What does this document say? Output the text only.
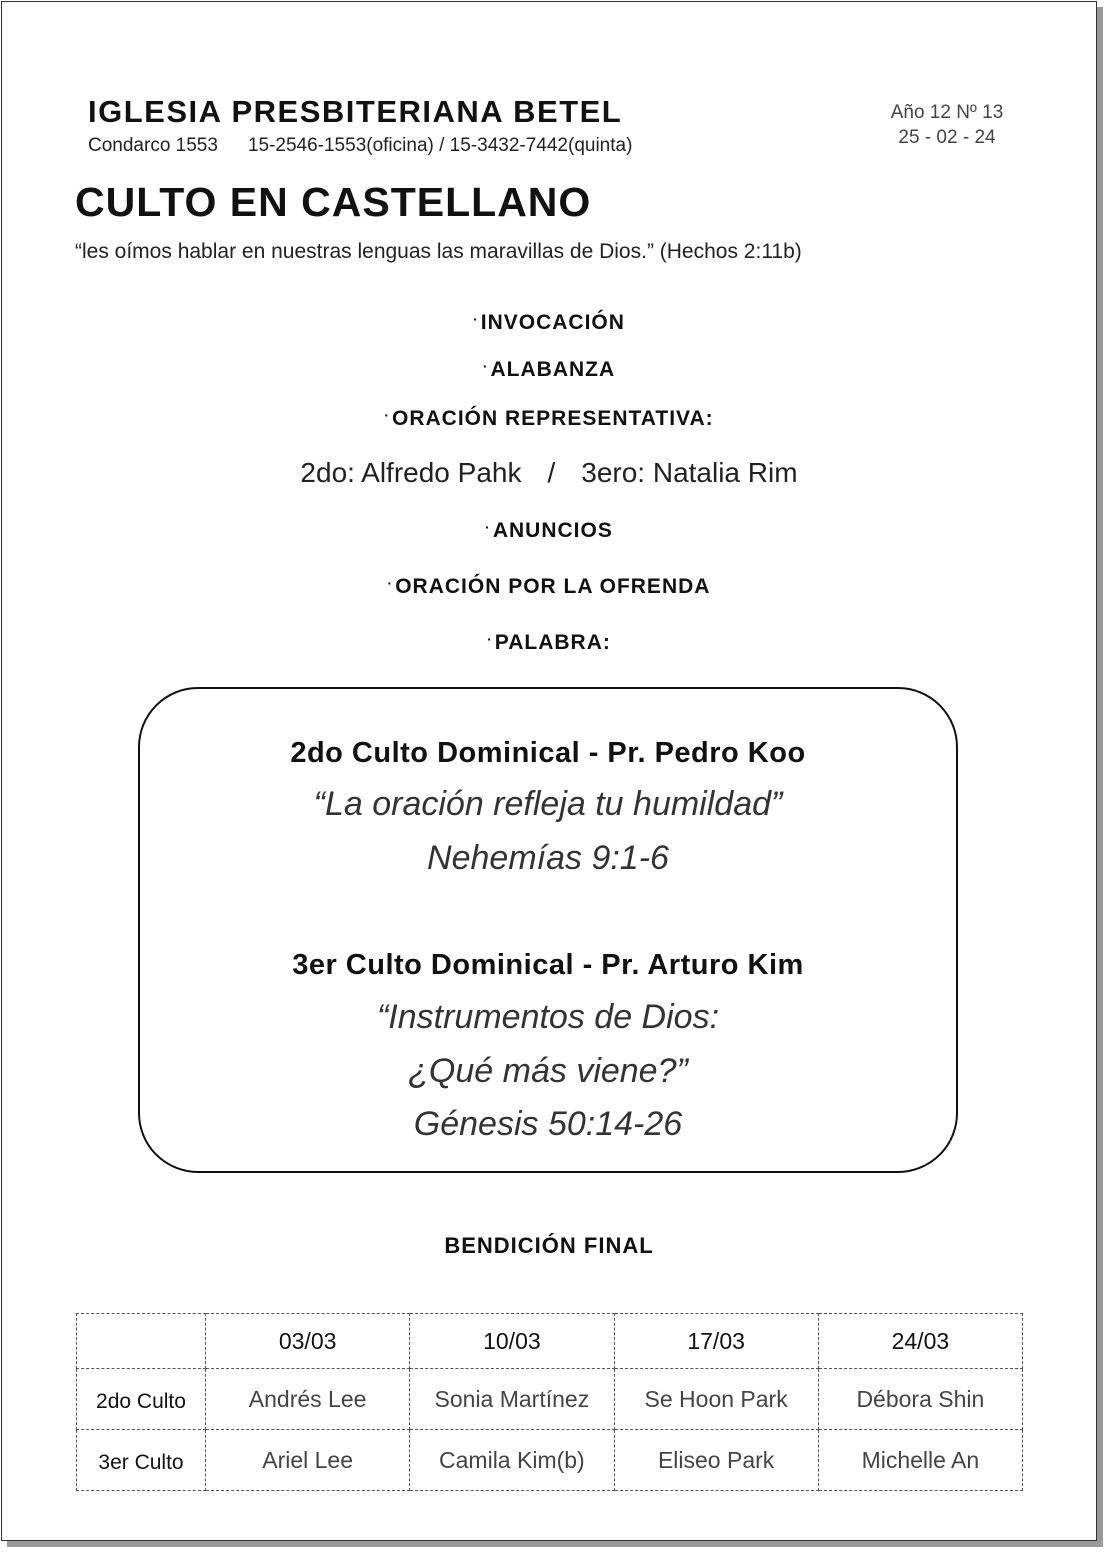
IGLESIA PRESBITERIANA BETEL

Condarco 1553 15-2546-1553(oficina) / 15-3432-7442(quinta)

Año 12 Nº 13
25 - 02 - 24
CULTO EN CASTELLANO

“les oímos hablar en nuestras lenguas las maravillas de Dios.” (Hechos 2:11b)

·INVOCACIÓN
·ALABANZA
·ORACIÓN REPRESENTATIVA:
2do: Alfredo Pahk / 3ero: Natalia Rim
·ANUNCIOS
·ORACIÓN POR LA OFRENDA
·PALABRA:
2do Culto Dominical - Pr. Pedro Koo
“La oración refleja tu humildad”
Nehemías 9:1-6
3er Culto Dominical - Pr. Arturo Kim
“Instrumentos de Dios:
¿Qué más viene?”
Génesis 50:14-26
BENDICIÓN FINAL
	03/03	10/03	17/03	24/03
2do Culto	Andrés Lee	Sonia Martínez	Se Hoon Park	Débora Shin
3er Culto	Ariel Lee	Camila Kim(b)	Eliseo Park	Michelle An
